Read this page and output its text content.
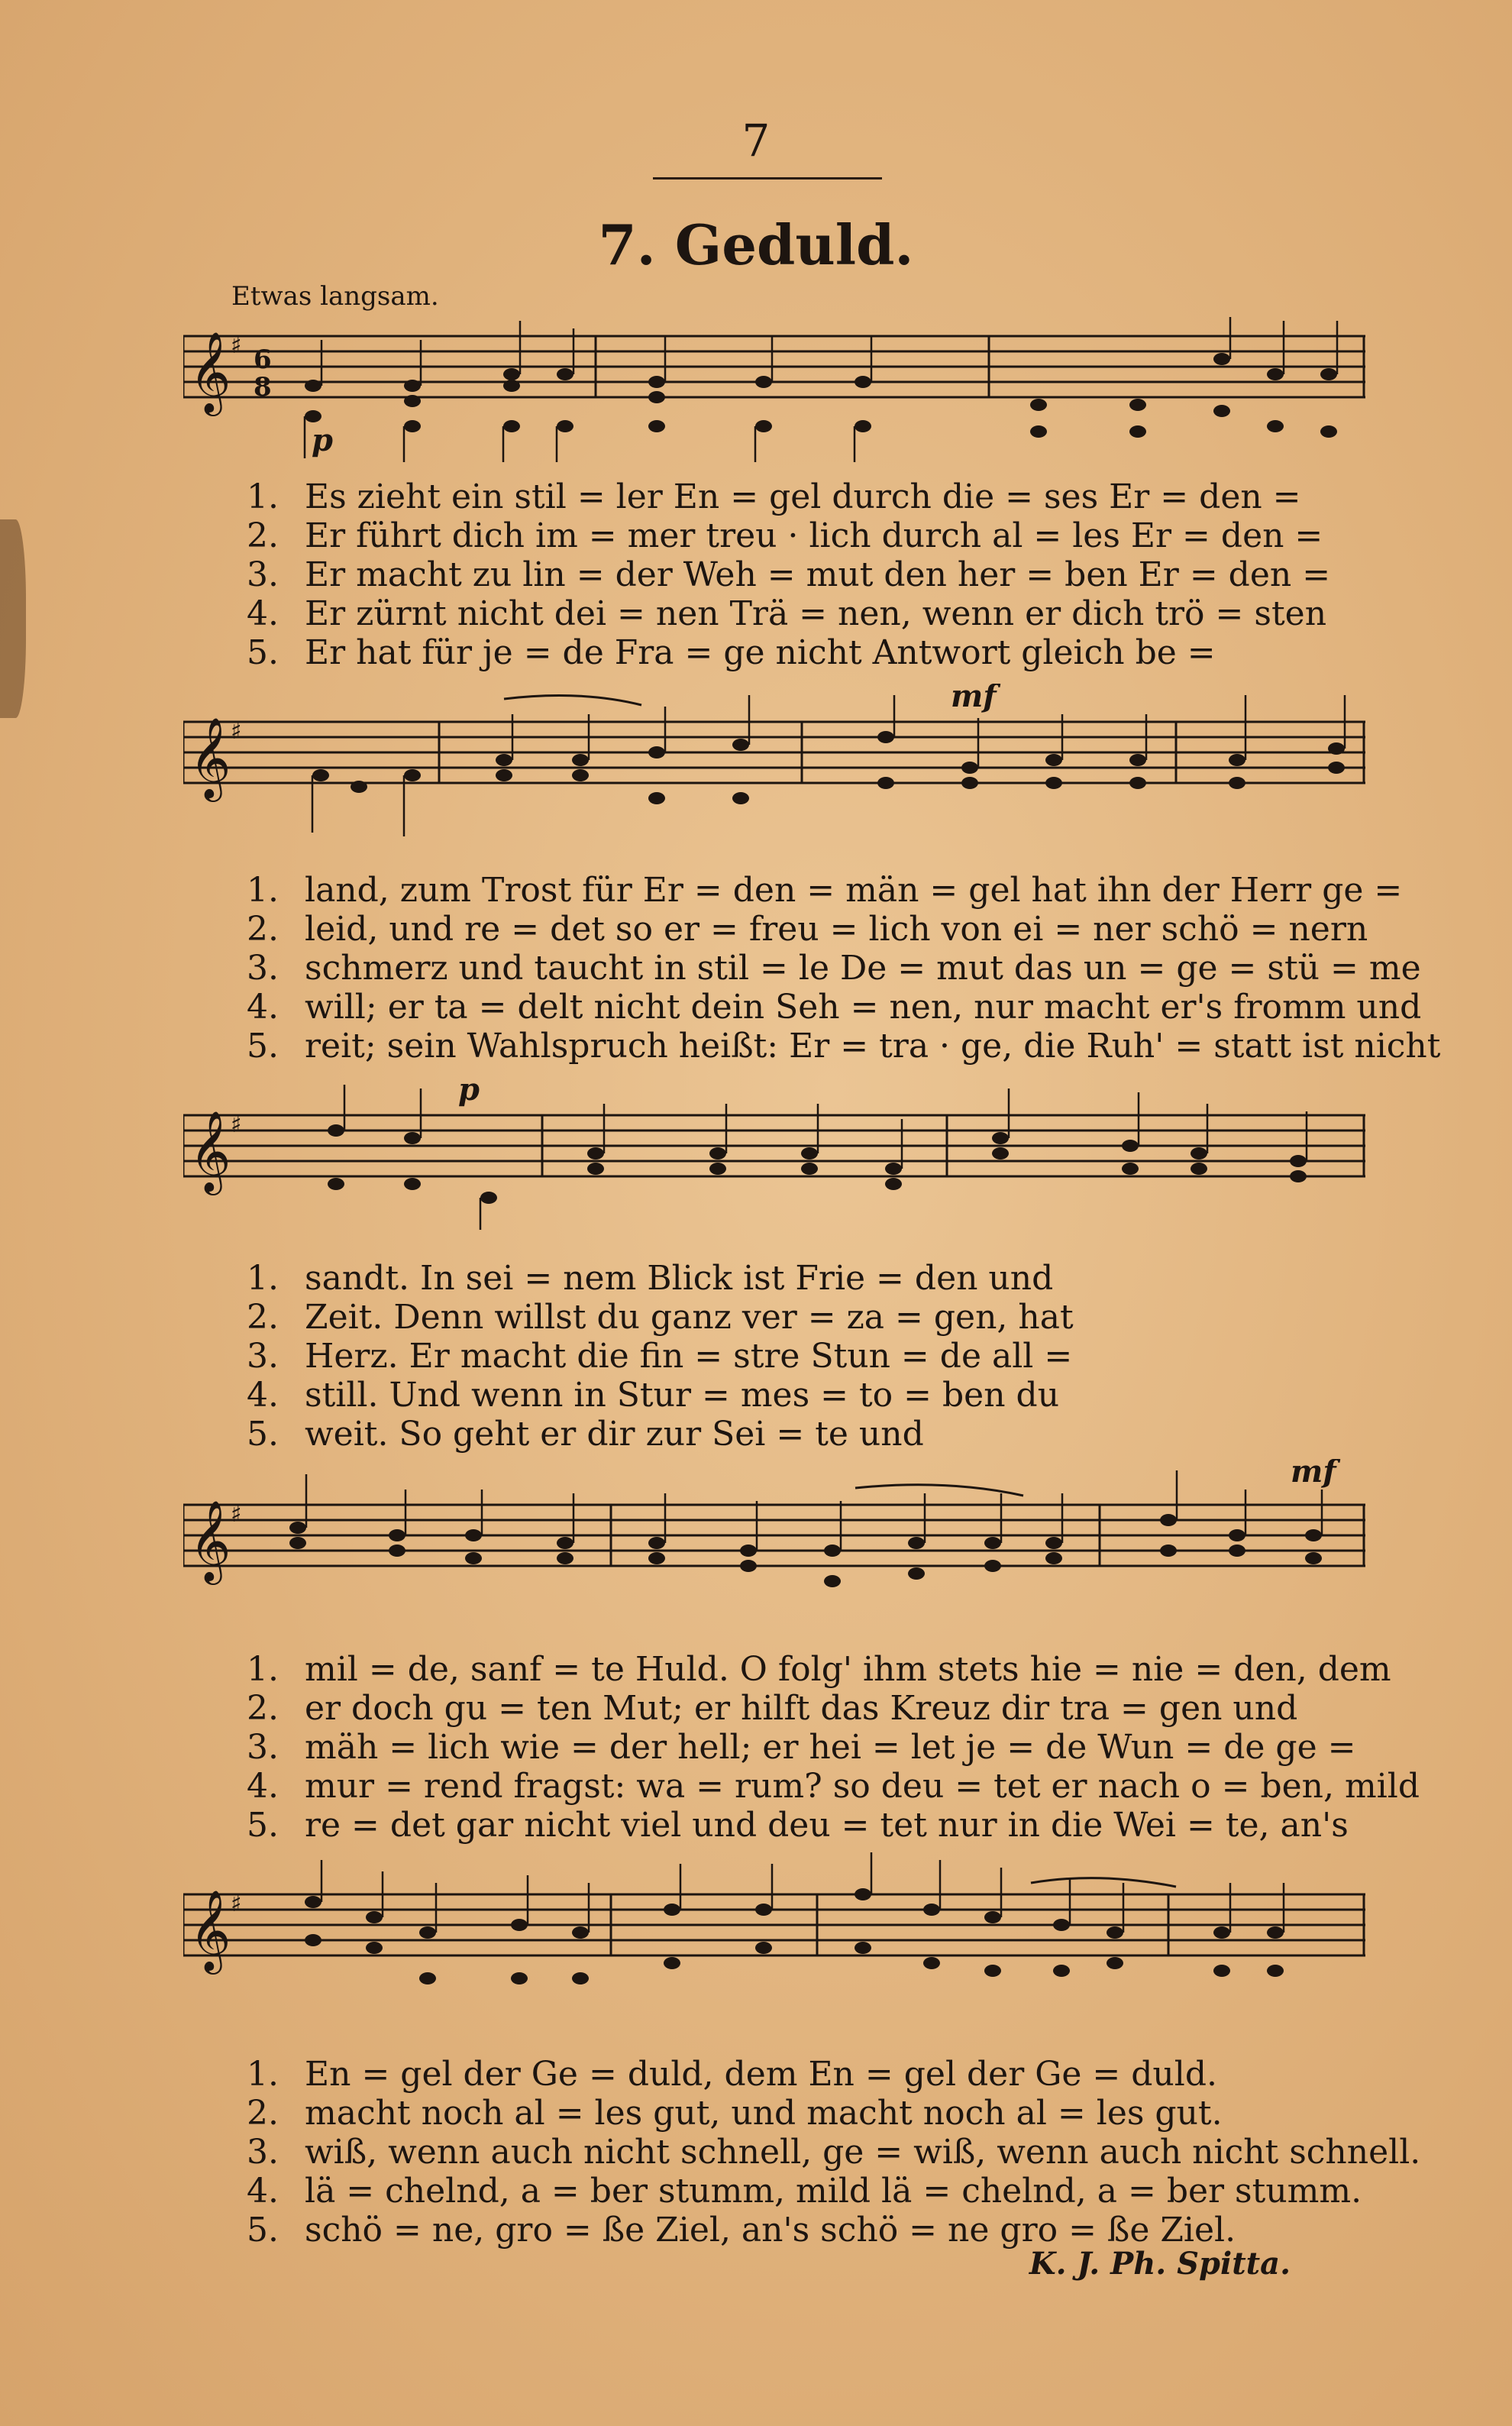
7
7. Geduld.
Etwas langsam.
𝄞 ♯ 6
8
p
1. Es zieht ein stil = ler En = gel durch die = ses Er = den =
2. Er führt dich im = mer treu · lich durch al = les Er = den =
3. Er macht zu lin = der Weh = mut den her = ben Er = den =
4. Er zürnt nicht dei = nen Trä = nen, wenn er dich trö = sten
5. Er hat für je = de Fra = ge nicht Antwort gleich be =
𝄞 ♯
mf
1. land, zum Trost für Er = den = män = gel hat ihn der Herr ge =
2. leid, und re = det so er = freu = lich von ei = ner schö = nern
3. schmerz und taucht in stil = le De = mut das un = ge = stü = me
4. will; er ta = delt nicht dein Seh = nen, nur macht er's fromm und
5. reit; sein Wahlspruch heißt: Er = tra · ge, die Ruh' = statt ist nicht
𝄞 ♯
p
1. sandt. In sei = nem Blick ist Frie = den und
2. Zeit. Denn willst du ganz ver = za = gen, hat
3. Herz. Er macht die fin = stre Stun = de all =
4. still. Und wenn in Stur = mes = to = ben du
5. weit. So geht er dir zur Sei = te und
𝄞 ♯
mf
1. mil = de, sanf = te Huld. O folg' ihm stets hie = nie = den, dem
2. er doch gu = ten Mut; er hilft das Kreuz dir tra = gen und
3. mäh = lich wie = der hell; er hei = let je = de Wun = de ge =
4. mur = rend fragst: wa = rum? so deu = tet er nach o = ben, mild
5. re = det gar nicht viel und deu = tet nur in die Wei = te, an's
𝄞 ♯
1. En = gel der Ge = duld, dem En = gel der Ge = duld.
2. macht noch al = les gut, und macht noch al = les gut.
3. wiß, wenn auch nicht schnell, ge = wiß, wenn auch nicht schnell.
4. lä = chelnd, a = ber stumm, mild lä = chelnd, a = ber stumm.
5. schö = ne, gro = ße Ziel, an's schö = ne gro = ße Ziel.
K. J. Ph. Spitta.
